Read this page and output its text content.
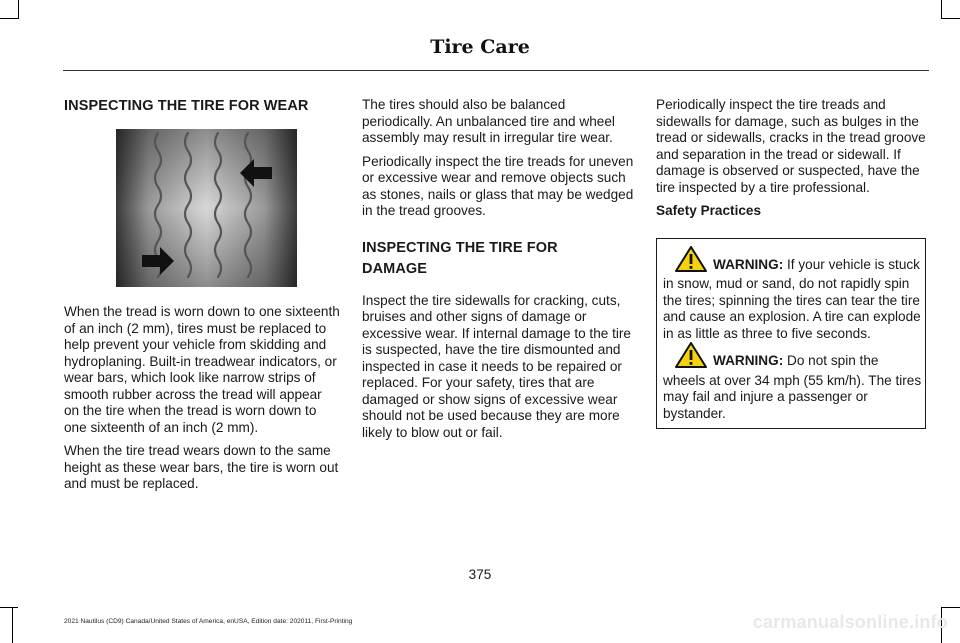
Tire Care
INSPECTING THE TIRE FOR WEAR

When the tread is worn down to one sixteenth of an inch (2 mm), tires must be replaced to help prevent your vehicle from skidding and hydroplaning. Built-in treadwear indicators, or wear bars, which look like narrow strips of smooth rubber across the tread will appear on the tire when the tread is worn down to one sixteenth of an inch (2 mm).

When the tire tread wears down to the same height as these wear bars, the tire is worn out and must be replaced.

The tires should also be balanced periodically. An unbalanced tire and wheel assembly may result in irregular tire wear.

Periodically inspect the tire treads for uneven or excessive wear and remove objects such as stones, nails or glass that may be wedged in the tread grooves.

INSPECTING THE TIRE FOR
DAMAGE

Inspect the tire sidewalls for cracking, cuts, bruises and other signs of damage or excessive wear. If internal damage to the tire is suspected, have the tire dismounted and inspected in case it needs to be repaired or replaced. For your safety, tires that are damaged or show signs of excessive wear should not be used because they are more likely to blow out or fail.

Periodically inspect the tire treads and sidewalls for damage, such as bulges in the tread or sidewalls, cracks in the tread groove and separation in the tread or sidewall. If damage is observed or suspected, have the tire inspected by a tire professional.

Safety Practices

WARNING: If your vehicle is stuck in snow, mud or sand, do not rapidly spin the tires; spinning the tires can tear the tire and cause an explosion. A tire can explode in as little as three to five seconds.

WARNING: Do not spin the wheels at over 34 mph (55 km/h). The tires may fail and injure a passenger or bystander.

375
2021 Nautilus (CD9) Canada/United States of America, enUSA, Edition date: 202011, First-Printing	carmanualsonline.info
